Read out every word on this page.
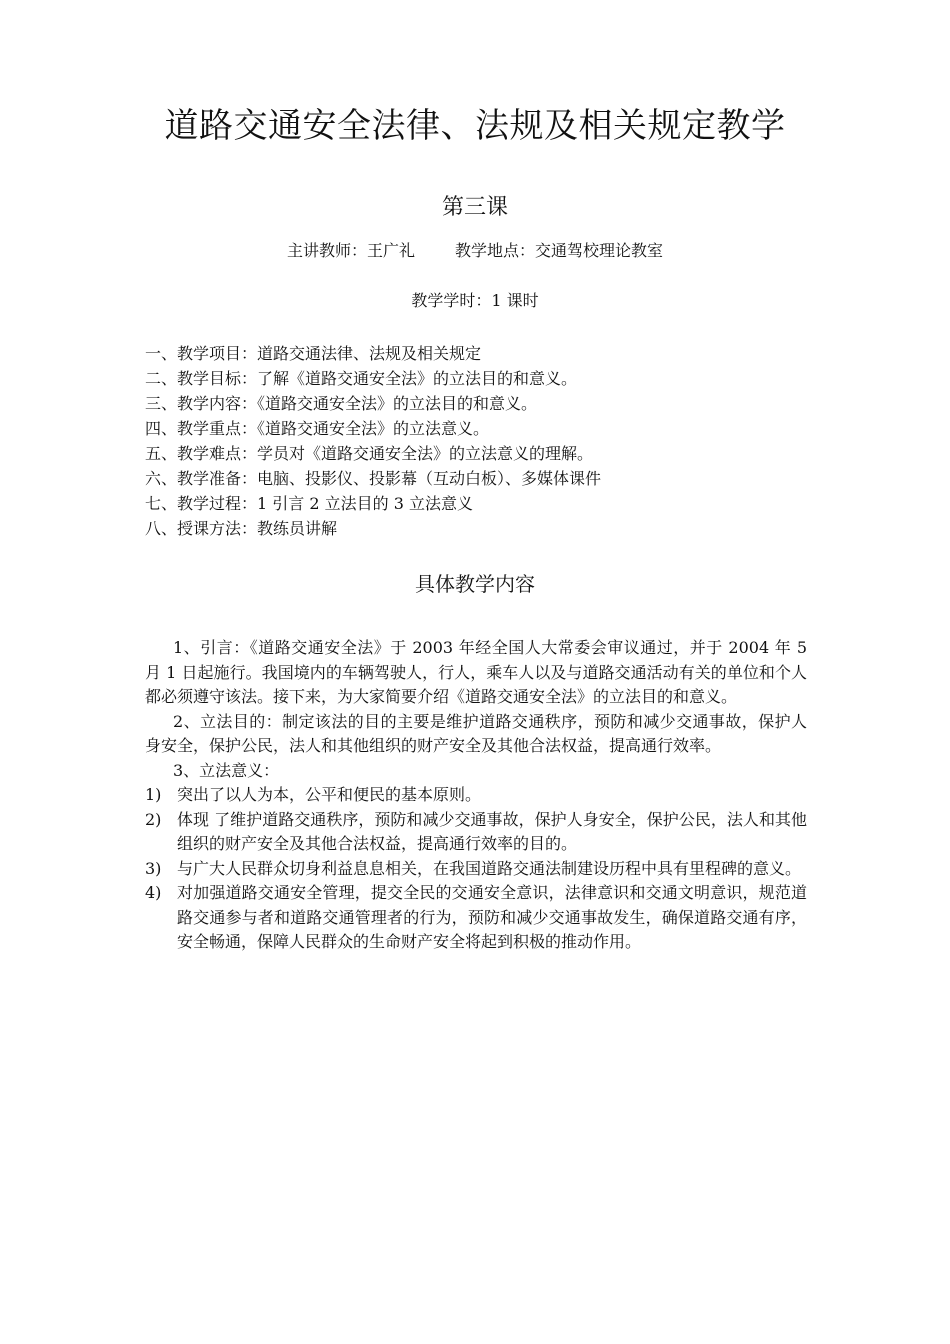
道路交通安全法律、法规及相关规定教学
第三课
主讲教师：王广礼	教学地点：交通驾校理论教室
教学学时：1 课时
一、教学项目：道路交通法律、法规及相关规定
二、教学目标：了解《道路交通安全法》的立法目的和意义。
三、教学内容：《道路交通安全法》的立法目的和意义。
四、教学重点：《道路交通安全法》的立法意义。
五、教学难点：学员对《道路交通安全法》的立法意义的理解。
六、教学准备：电脑、投影仪、投影幕（互动白板）、多媒体课件
七、教学过程：1 引言 2 立法目的 3 立法意义
八、授课方法：教练员讲解
具体教学内容

1、引言：《道路交通安全法》于 2003 年经全国人大常委会审议通过，并于 2004 年 5 月 1 日起施行。我国境内的车辆驾驶人，行人，乘车人以及与道路交通活动有关的单位和个人都必须遵守该法。接下来，为大家简要介绍《道路交通安全法》的立法目的和意义。

2、立法目的：制定该法的目的主要是维护道路交通秩序，预防和减少交通事故，保护人身安全，保护公民，法人和其他组织的财产安全及其他合法权益，提高通行效率。

3、立法意义：

1) 突出了以人为本，公平和便民的基本原则。
2) 体现 了维护道路交通秩序，预防和减少交通事故，保护人身安全，保护公民，法人和其他组织的财产安全及其他合法权益，提高通行效率的目的。
3) 与广大人民群众切身利益息息相关，在我国道路交通法制建设历程中具有里程碑的意义。
4) 对加强道路交通安全管理，提交全民的交通安全意识，法律意识和交通文明意识，规范道路交通参与者和道路交通管理者的行为，预防和减少交通事故发生，确保道路交通有序，安全畅通，保障人民群众的生命财产安全将起到积极的推动作用。
